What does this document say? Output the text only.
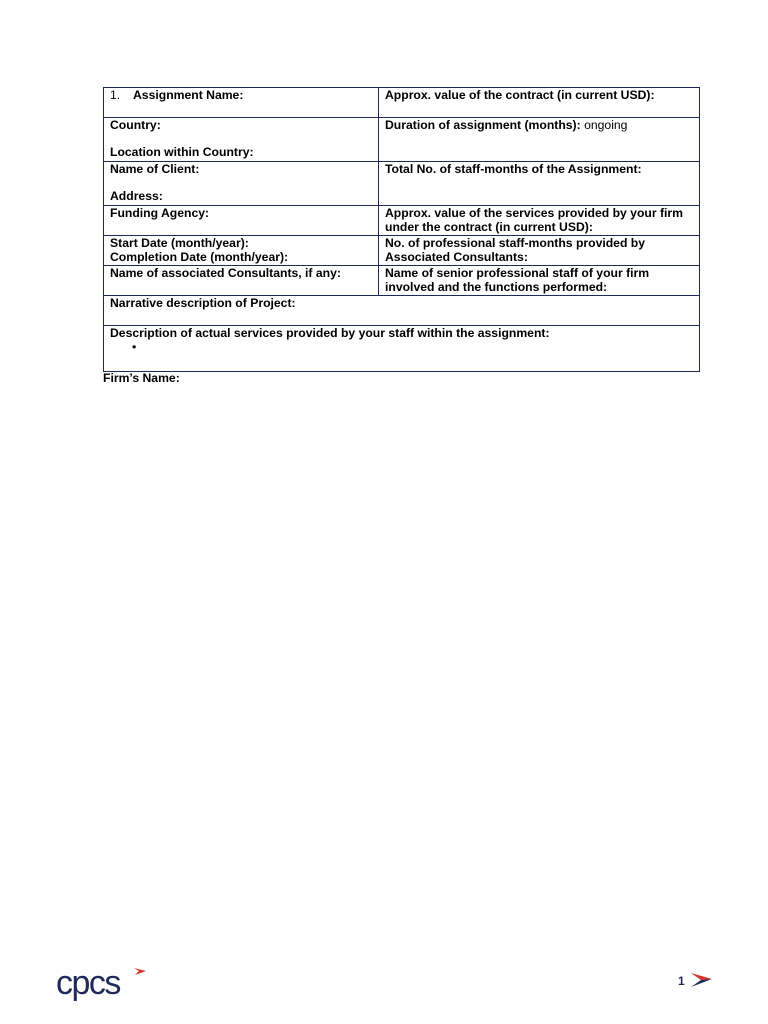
1. Assignment Name:	Approx. value of the contract (in current USD):

Country:
Location within Country:	Duration of assignment (months): ongoing

Name of Client:
Address:	Total No. of staff-months of the Assignment:
Funding Agency:	Approx. value of the services provided by your firm under the contract (in current USD):

Start Date (month/year):
Completion Date (month/year):	No. of professional staff-months provided by Associated Consultants:
Name of associated Consultants, if any:	Name of senior professional staff of your firm involved and the functions performed:
Narrative description of Project:	

Description of actual services provided by your staff within the assignment:
•	
Firm’s Name:
cpcs	1
